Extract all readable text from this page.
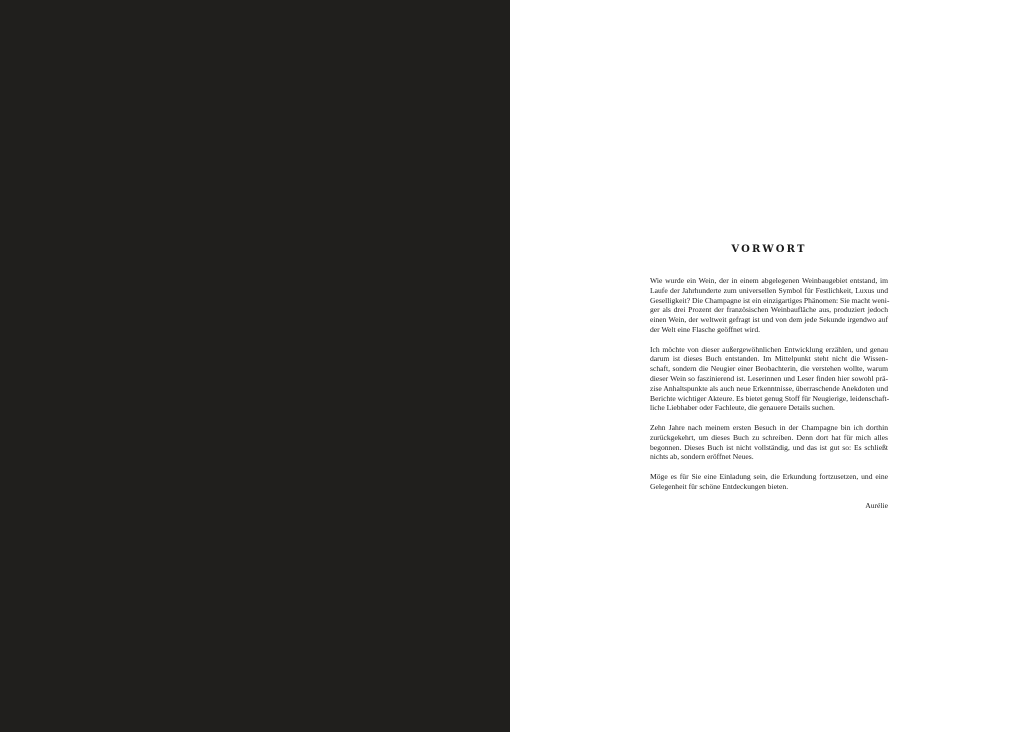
VORWORT
Wie wurde ein Wein, der in einem abgelegenen Weinbaugebiet entstand, im
Laufe der Jahrhunderte zum universellen Symbol für Festlichkeit, Luxus und
Geselligkeit? Die Champagne ist ein einzigartiges Phänomen: Sie macht weni-
ger als drei Prozent der französischen Weinbaufläche aus, produziert jedoch
einen Wein, der weltweit gefragt ist und von dem jede Sekunde irgendwo auf
der Welt eine Flasche geöffnet wird.
Ich möchte von dieser außergewöhnlichen Entwicklung erzählen, und genau
darum ist dieses Buch entstanden. Im Mittelpunkt steht nicht die Wissen-
schaft, sondern die Neugier einer Beobachterin, die verstehen wollte, warum
dieser Wein so faszinierend ist. Leserinnen und Leser finden hier sowohl prä-
zise Anhaltspunkte als auch neue Erkenntnisse, überraschende Anekdoten und
Berichte wichtiger Akteure. Es bietet genug Stoff für Neugierige, leidenschaft-
liche Liebhaber oder Fachleute, die genauere Details suchen.
Zehn Jahre nach meinem ersten Besuch in der Champagne bin ich dorthin
zurückgekehrt, um dieses Buch zu schreiben. Denn dort hat für mich alles
begonnen. Dieses Buch ist nicht vollständig, und das ist gut so: Es schließt
nichts ab, sondern eröffnet Neues.
Möge es für Sie eine Einladung sein, die Erkundung fortzusetzen, und eine
Gelegenheit für schöne Entdeckungen bieten.
Aurélie
